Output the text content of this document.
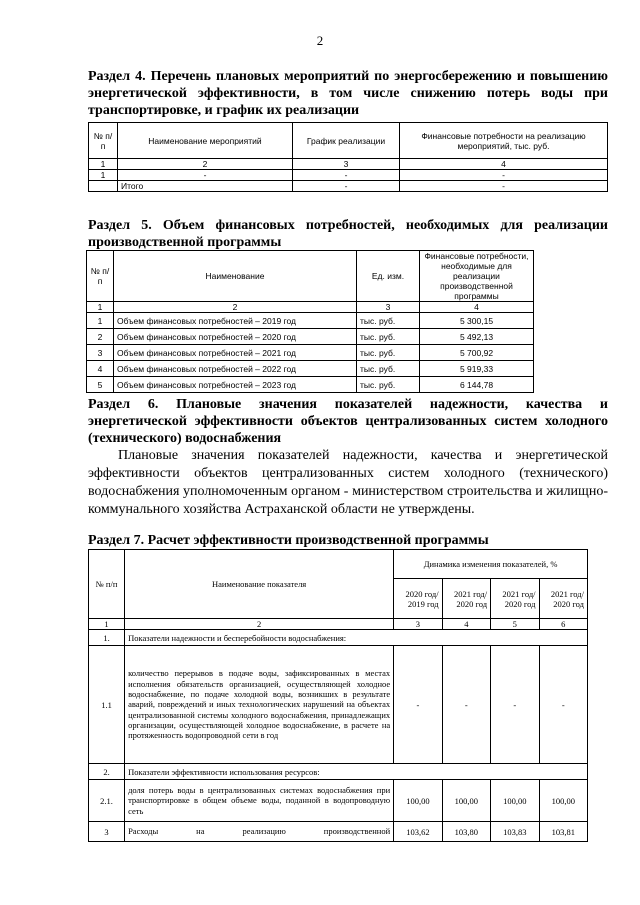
2
Раздел 4. Перечень плановых мероприятий по энергосбережению и повышению энергетической эффективности, в том числе снижению потерь воды при транспортировке, и график их реализации
№ п/п	Наименование мероприятий	График реализации	Финансовые потребности на реализацию мероприятий, тыс. руб.
1	2	3	4
1	-	-	-
	Итого	-	-
Раздел 5. Объем финансовых потребностей, необходимых для реализации производственной программы
№ п/п	Наименование	Ед. изм.	Финансовые потребности, необходимые для реализации производственной программы
1	2	3	4
1	Объем финансовых потребностей – 2019 год	тыс. руб.	5 300,15
2	Объем финансовых потребностей – 2020 год	тыс. руб.	5 492,13
3	Объем финансовых потребностей – 2021 год	тыс. руб.	5 700,92
4	Объем финансовых потребностей – 2022 год	тыс. руб.	5 919,33
5	Объем финансовых потребностей – 2023 год	тыс. руб.	6 144,78
Раздел 6. Плановые значения показателей надежности, качества и энергетической эффективности объектов централизованных систем холодного (технического) водоснабжения
Плановые значения показателей надежности, качества и энергетической эффективности объектов централизованных систем холодного (технического) водоснабжения уполномоченным органом - министерством строительства и жилищно-коммунального хозяйства Астраханской области не утверждены.
Раздел 7. Расчет эффективности производственной программы
№ п/п	Наименование показателя	Динамика изменения показателей, %			
		2020 год/ 2019 год	2021 год/ 2020 год	2021 год/ 2020 год	2021 год/ 2020 год
1	2	3	4	5	6
1.	Показатели надежности и бесперебойности водоснабжения:				
1.1	количество перерывов в подаче воды, зафиксированных в местах исполнения обязательств организацией, осуществляющей холодное водоснабжение, по подаче холодной воды, возникших в результате аварий, повреждений и иных технологических нарушений на объектах централизованной системы холодного водоснабжения, принадлежащих организации, осуществляющей холодное водоснабжение, в расчете на протяженность водопроводной сети в год	-	-	-	-
2.	Показатели эффективности использования ресурсов:				
2.1.	доля потерь воды в централизованных системах водоснабжения при транспортировке в общем объеме воды, поданной в водопроводную сеть	100,00	100,00	100,00	100,00
3	Расходы на реализацию производственной	103,62	103,80	103,83	103,81
